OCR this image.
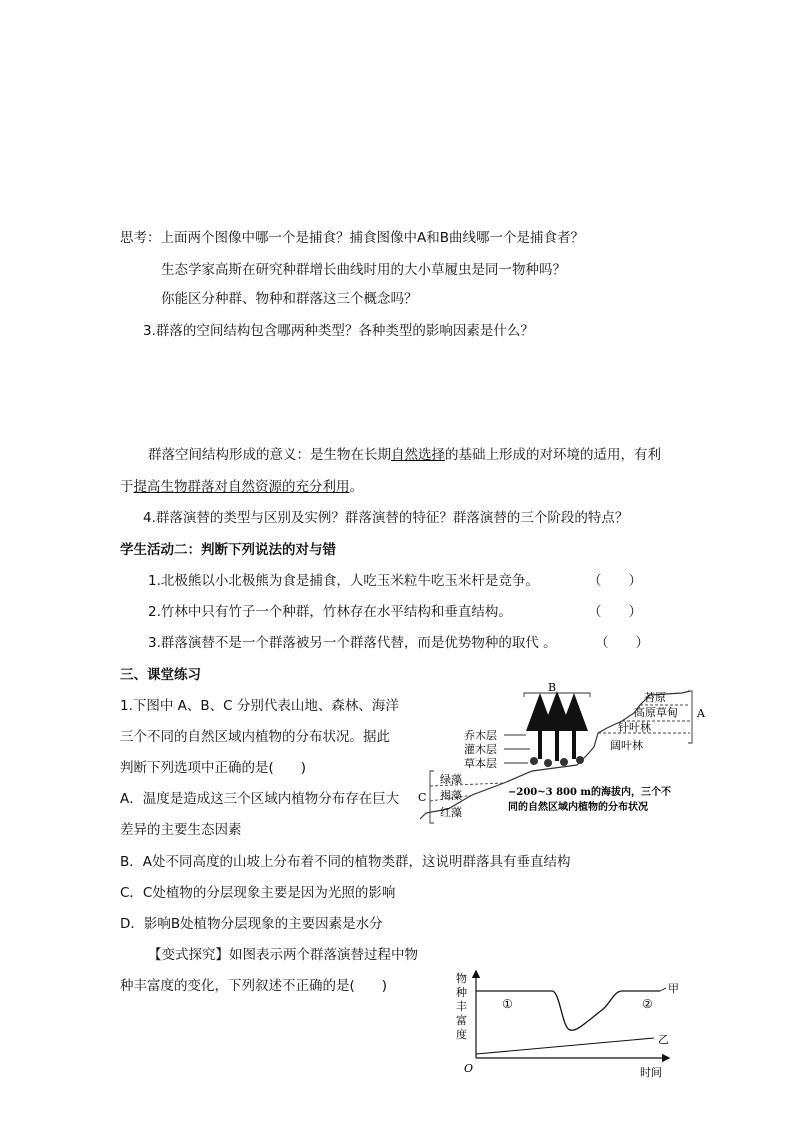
思考：上面两个图像中哪一个是捕食？捕食图像中A和B曲线哪一个是捕食者？
生态学家高斯在研究种群增长曲线时用的大小草履虫是同一物种吗？
你能区分种群、物种和群落这三个概念吗？
3.群落的空间结构包含哪两种类型？各种类型的影响因素是什么？
群落空间结构形成的意义：是生物在长期自然选择的基础上形成的对环境的适用，有利
于提高生物群落对自然资源的充分利用。
4.群落演替的类型与区别及实例？群落演替的特征？群落演替的三个阶段的特点？
学生活动二：判断下列说法的对与错
1.北极熊以小北极熊为食是捕食，人吃玉米粒牛吃玉米杆是竞争。	（　　）
2.竹林中只有竹子一个种群，竹林存在水平结构和垂直结构。	（　　）
3.群落演替不是一个群落被另一个群落代替，而是优势物种的取代 。	（　　）
三、课堂练习
1.下图中 A、B、C 分别代表山地、森林、海洋
三个不同的自然区域内植物的分布状况。据此
判断下列选项中正确的是(　　)
A．温度是造成这三个区域内植物分布存在巨大
差异的主要生态因素
B．A处不同高度的山坡上分布着不同的植物类群，这说明群落具有垂直结构
C．C处植物的分层现象主要是因为光照的影响
D．影响B处植物分层现象的主要因素是水分
【变式探究】如图表示两个群落演替过程中物
种丰富度的变化，下列叙述不正确的是(　　)
B
A
C
苔原
高原草甸
针叶林
阔叶林
乔木层
灌木层
草本层
绿藻
褐藻
红藻
−200~3 800 m的海拔内，三个不
同的自然区域内植物的分布状况
物
种
丰
富
度
O	时间
①	②
甲
乙
